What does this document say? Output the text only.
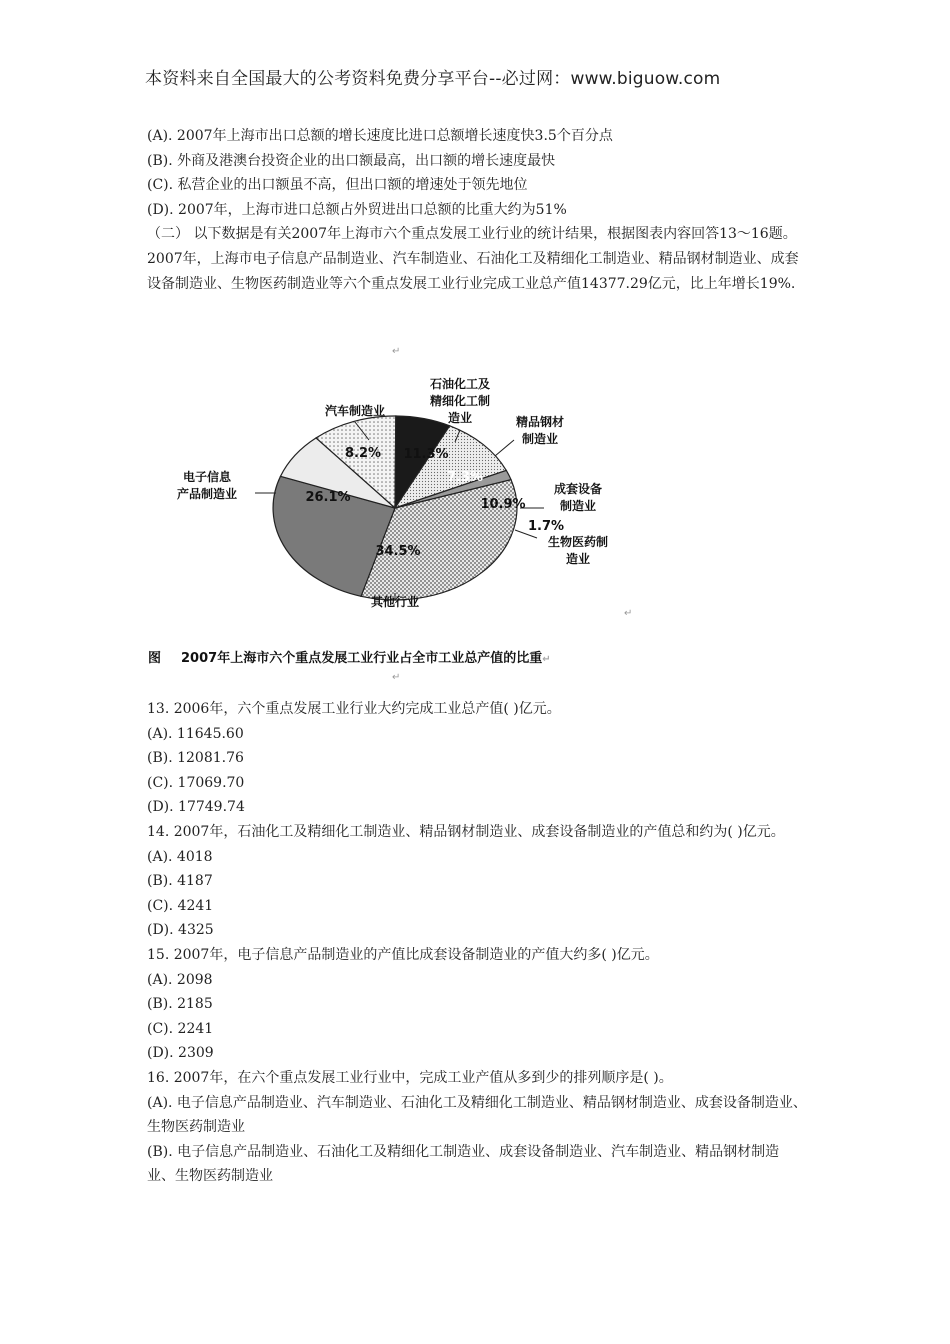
本资料来自全国最大的公考资料免费分享平台--必过网：www.biguow.com
(A). 2007年上海市出口总额的增长速度比进口总额增长速度快3.5个百分点
(B). 外商及港澳台投资企业的出口额最高，出口额的增长速度最快
(C). 私营企业的出口额虽不高，但出口额的增速处于领先地位
(D). 2007年，上海市进口总额占外贸进出口总额的比重大约为51%
（二） 以下数据是有关2007年上海市六个重点发展工业行业的统计结果，根据图表内容回答13～16题。
2007年，上海市电子信息产品制造业、汽车制造业、石油化工及精细化工制造业、精品钢材制造业、成套设备制造业、生物医药制造业等六个重点发展工业行业完成工业总产值14377.29亿元，比上年增长19%.
↵
34.5%
26.1%
8.2% 11.3%
7.3%
10.9%
1.7%
电子信息
产品制造业
汽车制造业
石油化工及
精细化工制
造业	精品钢材
制造业
成套设备
制造业
生物医药制
造业
其他行业
↵
图 2007年上海市六个重点发展工业行业占全市工业总产值的比重↵
↵
13. 2006年，六个重点发展工业行业大约完成工业总产值( )亿元。
(A). 11645.60
(B). 12081.76
(C). 17069.70
(D). 17749.74
14. 2007年，石油化工及精细化工制造业、精品钢材制造业、成套设备制造业的产值总和约为( )亿元。
(A). 4018
(B). 4187
(C). 4241
(D). 4325
15. 2007年，电子信息产品制造业的产值比成套设备制造业的产值大约多( )亿元。
(A). 2098
(B). 2185
(C). 2241
(D). 2309
16. 2007年，在六个重点发展工业行业中，完成工业产值从多到少的排列顺序是( )。
(A). 电子信息产品制造业、汽车制造业、石油化工及精细化工制造业、精品钢材制造业、成套设备制造业、生物医药制造业
(B). 电子信息产品制造业、石油化工及精细化工制造业、成套设备制造业、汽车制造业、精品钢材制造业、生物医药制造业
